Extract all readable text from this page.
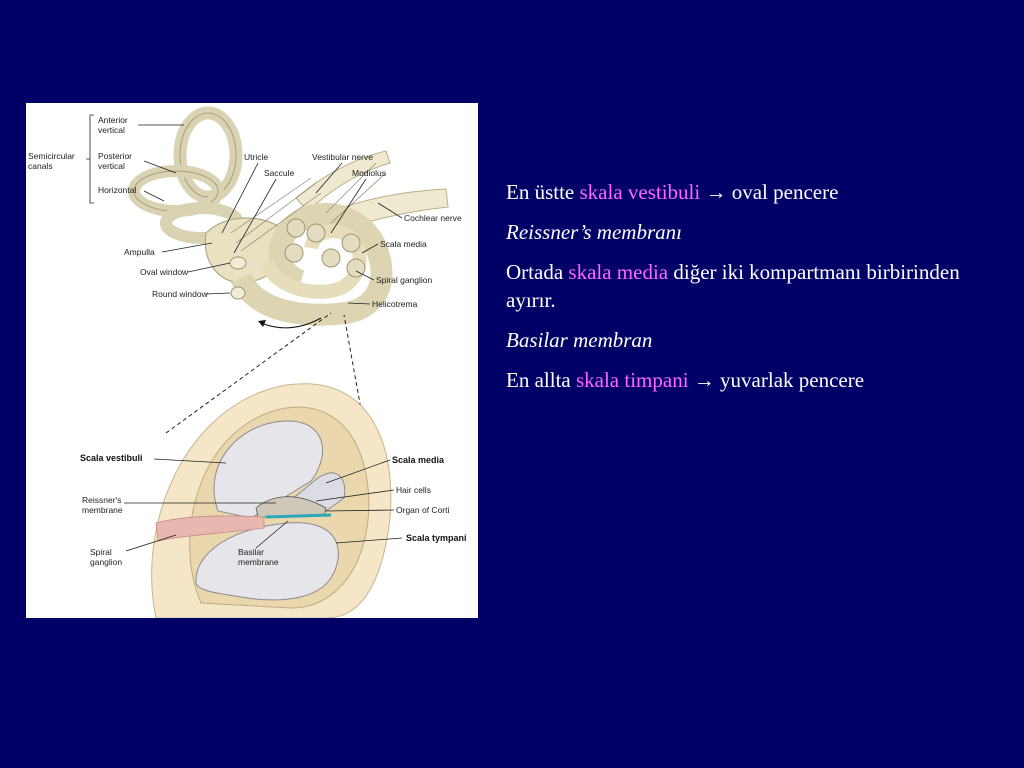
Anterior
vertical
Semicircular
canals
Posterior
vertical
Horizontal
Utricle
Saccule
Vestibular nerve
Modiolus
Cochlear nerve
Ampulla
Scala media
Oval window
Spiral ganglion
Round window
Helicotrema
Scala vestibuli	Scala media
Hair cells
Reissner's
membrane	Organ of Corti
Scala tympani
Spiral
ganglion
Basilar
membrane

En üstte skala vestibuli → oval pencere

Reissner’s membranı

Ortada skala media diğer iki kompartmanı birbirinden ayırır.

Basilar membran

En allta skala timpani → yuvarlak pencere
